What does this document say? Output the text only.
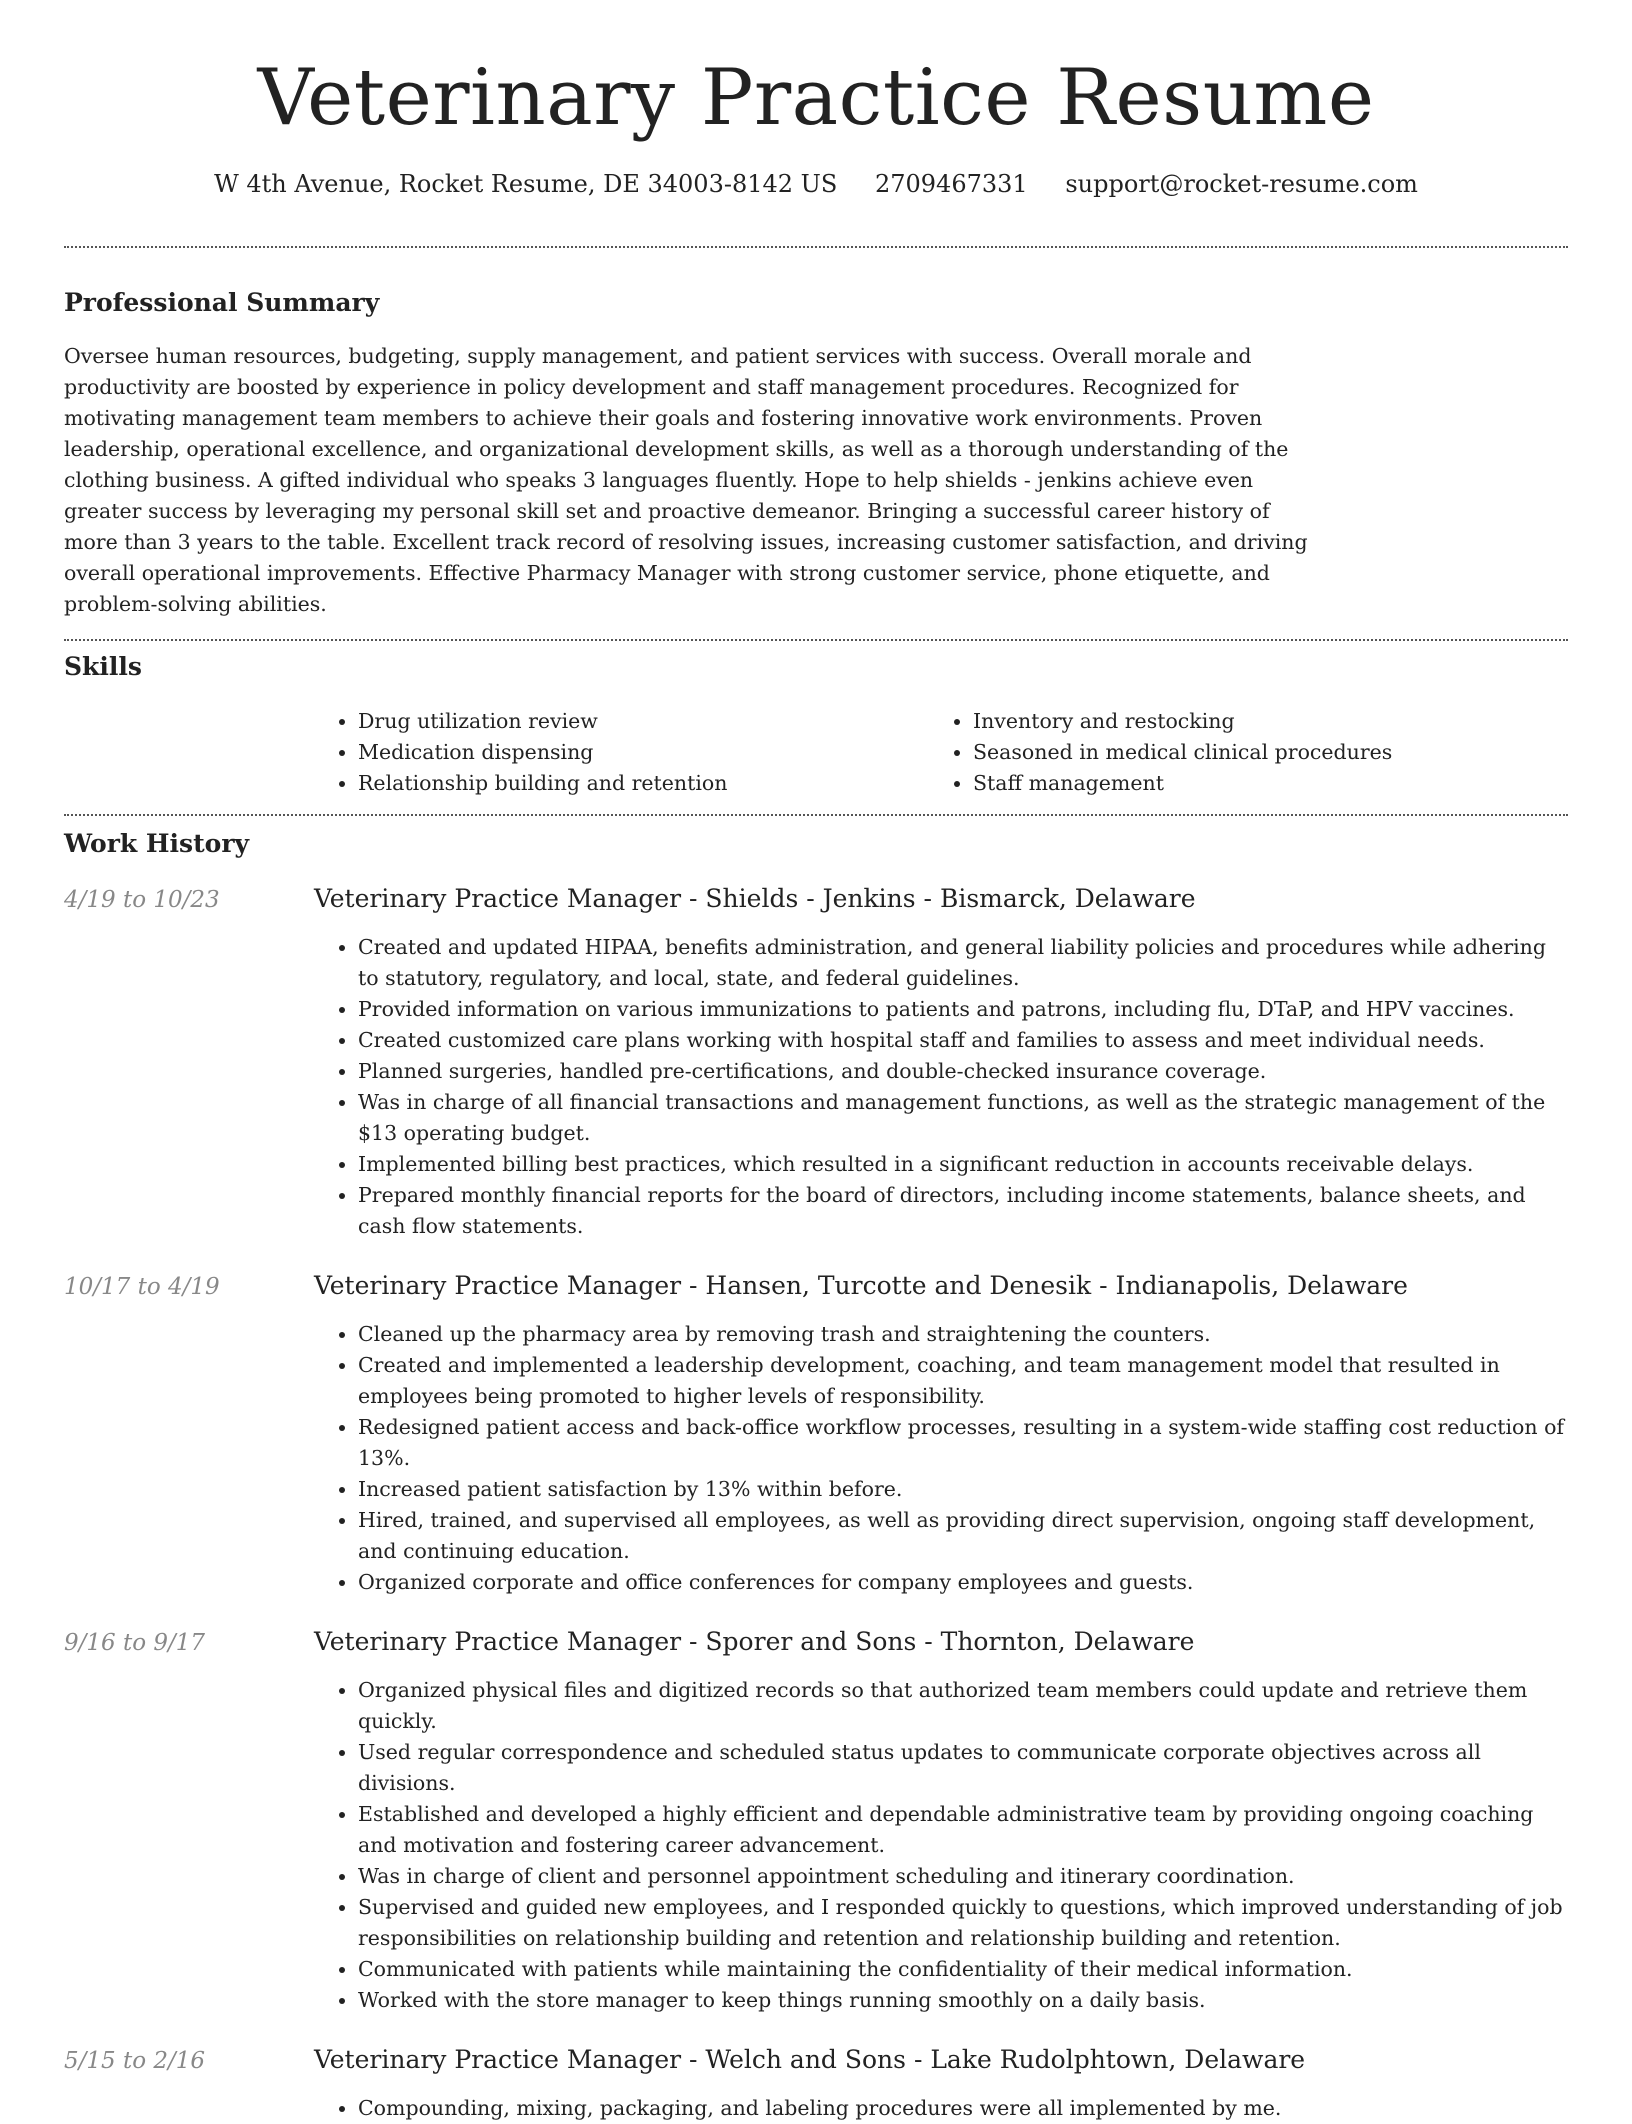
Veterinary Practice Resume
W 4th Avenue, Rocket Resume, DE 34003-8142 US 2709467331 support@rocket-resume.com
Professional Summary

Oversee human resources, budgeting, supply management, and patient services with success. Overall morale and productivity are boosted by experience in policy development and staff management procedures. Recognized for motivating management team members to achieve their goals and fostering innovative work environments. Proven leadership, operational excellence, and organizational development skills, as well as a thorough understanding of the clothing business. A gifted individual who speaks 3 languages fluently. Hope to help shields - jenkins achieve even greater success by leveraging my personal skill set and proactive demeanor. Bringing a successful career history of more than 3 years to the table. Excellent track record of resolving issues, increasing customer satisfaction, and driving overall operational improvements. Effective Pharmacy Manager with strong customer service, phone etiquette, and problem-solving abilities.

Skills
• Drug utilization review
• Medication dispensing
• Relationship building and retention
• Inventory and restocking
• Seasoned in medical clinical procedures
• Staff management
Work History
4/19 to 10/23	Veterinary Practice Manager - Shields - Jenkins - Bismarck, Delaware
• Created and updated HIPAA, benefits administration, and general liability policies and procedures while adhering to statutory, regulatory, and local, state, and federal guidelines.
• Provided information on various immunizations to patients and patrons, including flu, DTaP, and HPV vaccines.
• Created customized care plans working with hospital staff and families to assess and meet individual needs.
• Planned surgeries, handled pre-certifications, and double-checked insurance coverage.
• Was in charge of all financial transactions and management functions, as well as the strategic management of the $13 operating budget.
• Implemented billing best practices, which resulted in a significant reduction in accounts receivable delays.
• Prepared monthly financial reports for the board of directors, including income statements, balance sheets, and cash flow statements.
10/17 to 4/19	Veterinary Practice Manager - Hansen, Turcotte and Denesik - Indianapolis, Delaware
• Cleaned up the pharmacy area by removing trash and straightening the counters.
• Created and implemented a leadership development, coaching, and team management model that resulted in employees being promoted to higher levels of responsibility.
• Redesigned patient access and back-office workflow processes, resulting in a system-wide staffing cost reduction of 13%.
• Increased patient satisfaction by 13% within before.
• Hired, trained, and supervised all employees, as well as providing direct supervision, ongoing staff development, and continuing education.
• Organized corporate and office conferences for company employees and guests.
9/16 to 9/17	Veterinary Practice Manager - Sporer and Sons - Thornton, Delaware
• Organized physical files and digitized records so that authorized team members could update and retrieve them quickly.
• Used regular correspondence and scheduled status updates to communicate corporate objectives across all divisions.
• Established and developed a highly efficient and dependable administrative team by providing ongoing coaching and motivation and fostering career advancement.
• Was in charge of client and personnel appointment scheduling and itinerary coordination.
• Supervised and guided new employees, and I responded quickly to questions, which improved understanding of job responsibilities on relationship building and retention and relationship building and retention.
• Communicated with patients while maintaining the confidentiality of their medical information.
• Worked with the store manager to keep things running smoothly on a daily basis.
5/15 to 2/16	Veterinary Practice Manager - Welch and Sons - Lake Rudolphtown, Delaware
• Compounding, mixing, packaging, and labeling procedures were all implemented by me.
